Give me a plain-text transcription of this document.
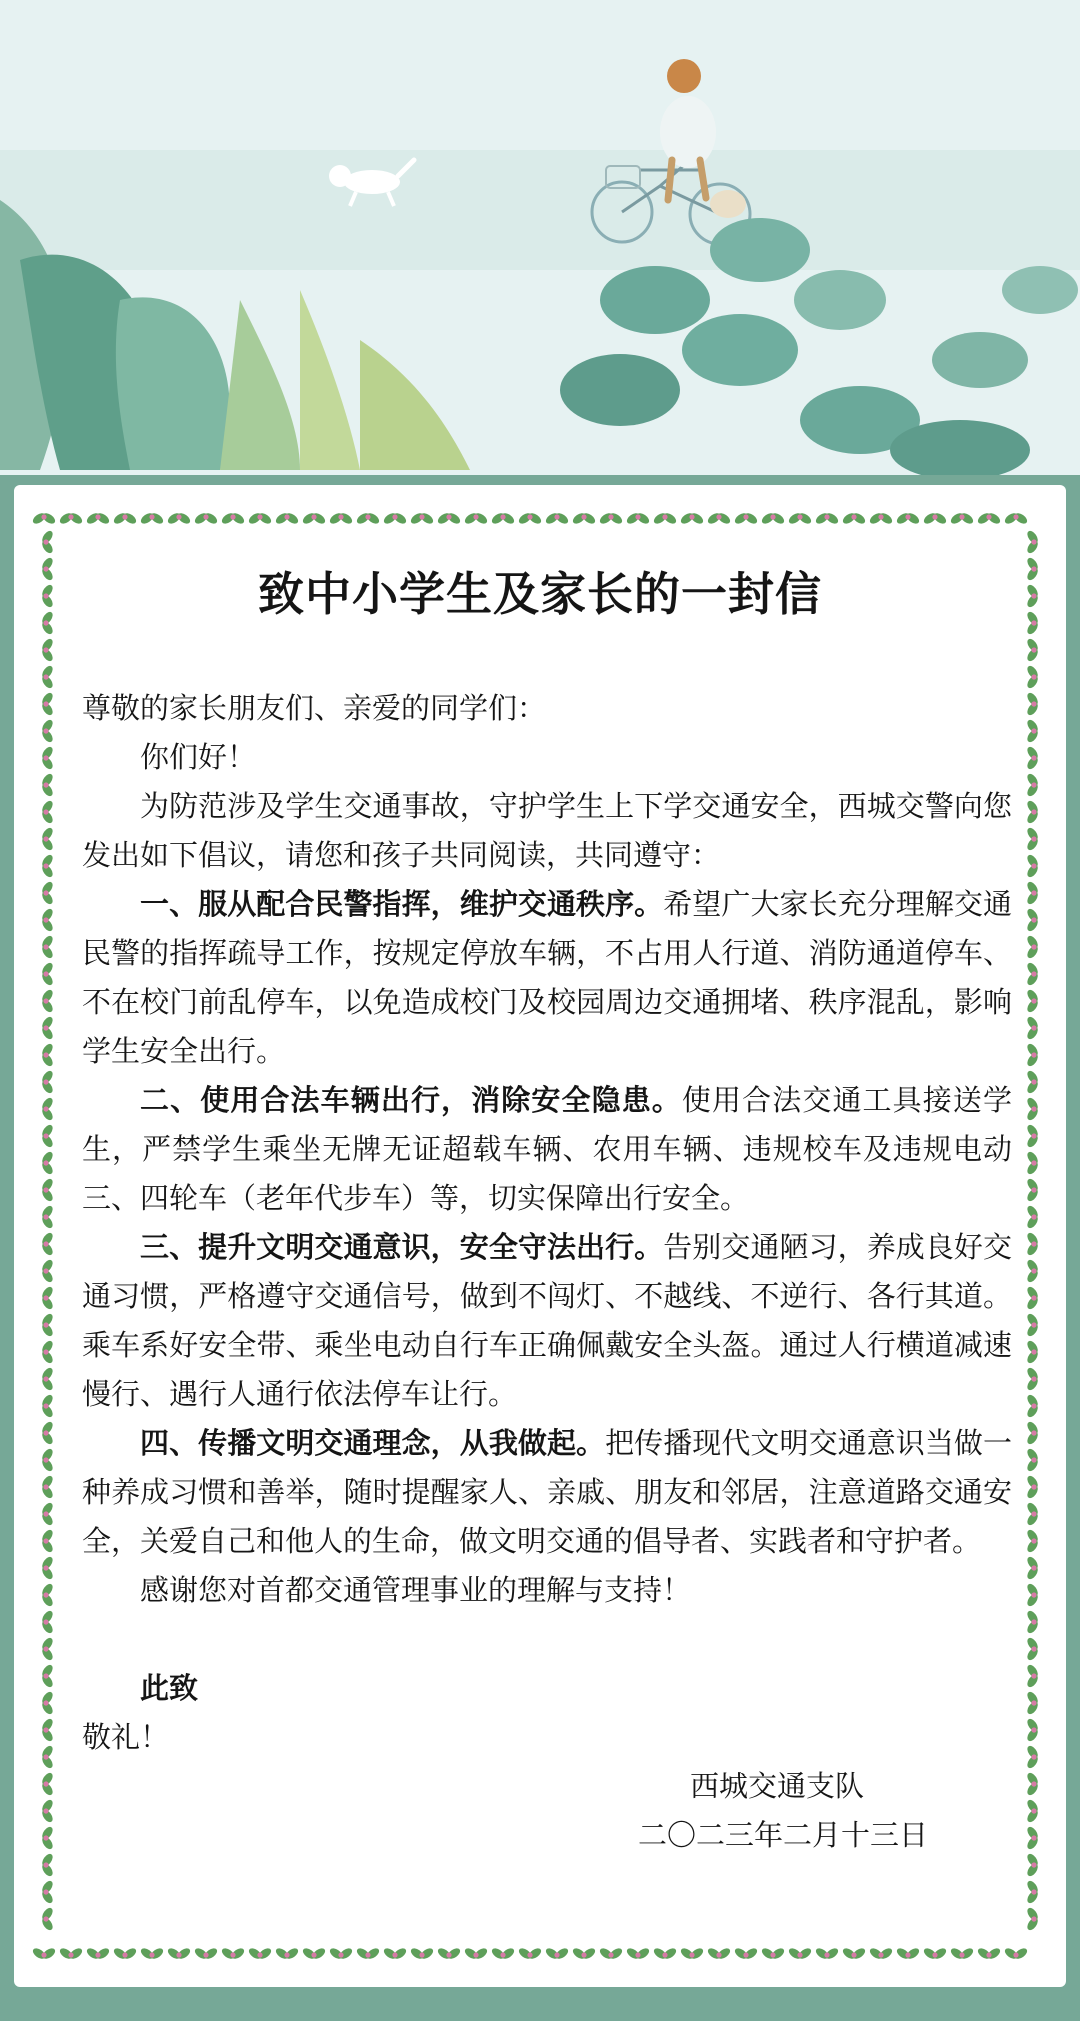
致中小学生及家长的一封信

尊敬的家长朋友们、亲爱的同学们：

你们好！

为防范涉及学生交通事故，守护学生上下学交通安全，西城交警向您发出如下倡议，请您和孩子共同阅读，共同遵守：

一、服从配合民警指挥，维护交通秩序。希望广大家长充分理解交通民警的指挥疏导工作，按规定停放车辆，不占用人行道、消防通道停车、不在校门前乱停车，以免造成校门及校园周边交通拥堵、秩序混乱，影响学生安全出行。

二、使用合法车辆出行，消除安全隐患。使用合法交通工具接送学生，严禁学生乘坐无牌无证超载车辆、农用车辆、违规校车及违规电动三、四轮车（老年代步车）等，切实保障出行安全。

三、提升文明交通意识，安全守法出行。告别交通陋习，养成良好交通习惯，严格遵守交通信号，做到不闯灯、不越线、不逆行、各行其道。乘车系好安全带、乘坐电动自行车正确佩戴安全头盔。通过人行横道减速慢行、遇行人通行依法停车让行。

四、传播文明交通理念，从我做起。把传播现代文明交通意识当做一种养成习惯和善举，随时提醒家人、亲戚、朋友和邻居，注意道路交通安全，关爱自己和他人的生命，做文明交通的倡导者、实践者和守护者。

感谢您对首都交通管理事业的理解与支持！

此致

敬礼！

西城交通支队

二〇二三年二月十三日
